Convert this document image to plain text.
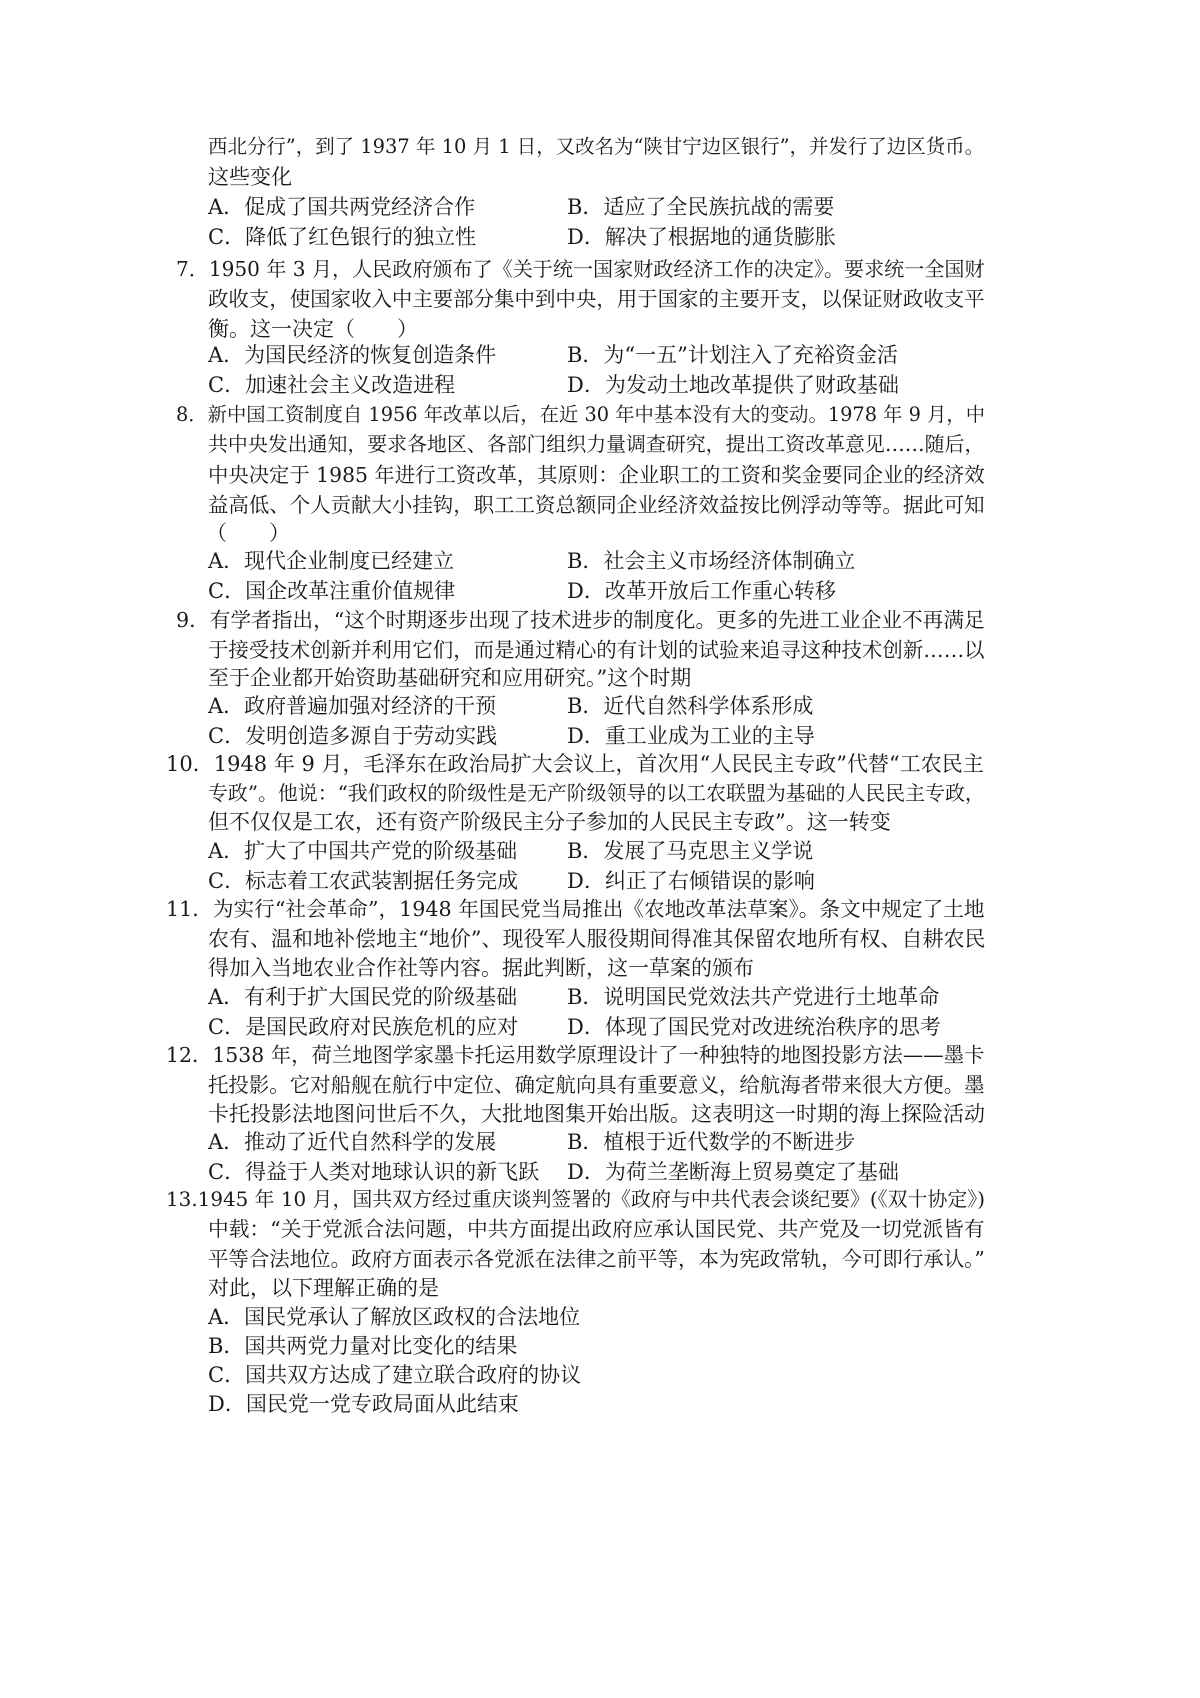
西北分行”，到了 1937 年 10 月 1 日，又改名为“陕甘宁边区银行”，并发行了边区货币。
这些变化
A．促成了国共两党经济合作	B．适应了全民族抗战的需要
C．降低了红色银行的独立性	D．解决了根据地的通货膨胀
7．1950 年 3 月，人民政府颁布了《关于统一国家财政经济工作的决定》。要求统一全国财
政收支，使国家收入中主要部分集中到中央，用于国家的主要开支，以保证财政收支平
衡。这一决定（　　）
A．为国民经济的恢复创造条件	B．为“一五”计划注入了充裕资金活
C．加速社会主义改造进程	D．为发动土地改革提供了财政基础
8．新中国工资制度自 1956 年改革以后，在近 30 年中基本没有大的变动。1978 年 9 月，中
共中央发出通知，要求各地区、各部门组织力量调查研究，提出工资改革意见……随后，
中央决定于 1985 年进行工资改革，其原则：企业职工的工资和奖金要同企业的经济效
益高低、个人贡献大小挂钩，职工工资总额同企业经济效益按比例浮动等等。据此可知
（　　）
A．现代企业制度已经建立	B．社会主义市场经济体制确立
C．国企改革注重价值规律	D．改革开放后工作重心转移
9．有学者指出，“这个时期逐步出现了技术进步的制度化。更多的先进工业企业不再满足
于接受技术创新并利用它们，而是通过精心的有计划的试验来追寻这种技术创新……以
至于企业都开始资助基础研究和应用研究。”这个时期
A．政府普遍加强对经济的干预	B．近代自然科学体系形成
C．发明创造多源自于劳动实践	D．重工业成为工业的主导
10．1948 年 9 月，毛泽东在政治局扩大会议上，首次用“人民民主专政”代替“工农民主
专政”。他说：“我们政权的阶级性是无产阶级领导的以工农联盟为基础的人民民主专政，
但不仅仅是工农，还有资产阶级民主分子参加的人民民主专政”。这一转变
A．扩大了中国共产党的阶级基础 B．发展了马克思主义学说
C．标志着工农武装割据任务完成 D．纠正了右倾错误的影响
11．为实行“社会革命”，1948 年国民党当局推出《农地改革法草案》。条文中规定了土地
农有、温和地补偿地主“地价”、现役军人服役期间得准其保留农地所有权、自耕农民
得加入当地农业合作社等内容。据此判断，这一草案的颁布
A．有利于扩大国民党的阶级基础 B．说明国民党效法共产党进行土地革命
C．是国民政府对民族危机的应对 D．体现了国民党对改进统治秩序的思考
12．1538 年，荷兰地图学家墨卡托运用数学原理设计了一种独特的地图投影方法——墨卡
托投影。它对船舰在航行中定位、确定航向具有重要意义，给航海者带来很大方便。墨
卡托投影法地图问世后不久，大批地图集开始出版。这表明这一时期的海上探险活动
A．推动了近代自然科学的发展	B．植根于近代数学的不断进步
C．得益于人类对地球认识的新飞跃 D．为荷兰垄断海上贸易奠定了基础
13.1945 年 10 月，国共双方经过重庆谈判签署的《政府与中共代表会谈纪要》(《双十协定》)
中载：“关于党派合法问题，中共方面提出政府应承认国民党、共产党及一切党派皆有
平等合法地位。政府方面表示各党派在法律之前平等，本为宪政常轨，今可即行承认。”
对此，以下理解正确的是
A．国民党承认了解放区政权的合法地位
B．国共两党力量对比变化的结果
C．国共双方达成了建立联合政府的协议
D．国民党一党专政局面从此结束
